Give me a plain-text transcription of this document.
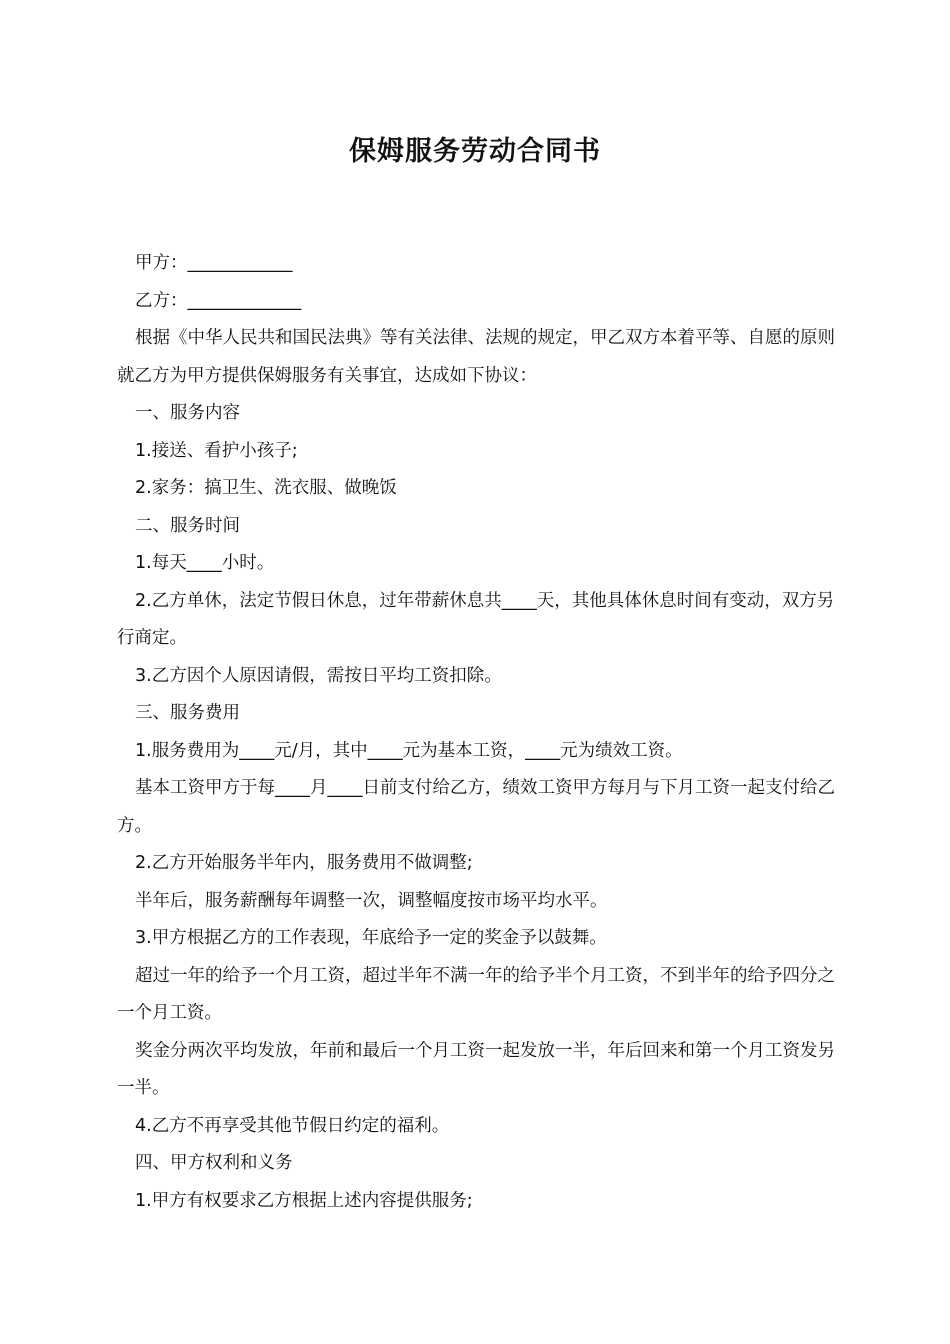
保姆服务劳动合同书

甲方：____________

乙方：_____________

根据《中华人民共和国民法典》等有关法律、法规的规定，甲乙双方本着平等、自愿的原则就乙方为甲方提供保姆服务有关事宜，达成如下协议：

一、服务内容

1.接送、看护小孩子;

2.家务：搞卫生、洗衣服、做晚饭

二、服务时间

1.每天____小时。

2.乙方单休，法定节假日休息，过年带薪休息共____天，其他具体休息时间有变动，双方另行商定。

3.乙方因个人原因请假，需按日平均工资扣除。

三、服务费用

1.服务费用为____元/月，其中____元为基本工资，____元为绩效工资。

基本工资甲方于每____月____日前支付给乙方，绩效工资甲方每月与下月工资一起支付给乙方。

2.乙方开始服务半年内，服务费用不做调整;

半年后，服务薪酬每年调整一次，调整幅度按市场平均水平。

3.甲方根据乙方的工作表现，年底给予一定的奖金予以鼓舞。

超过一年的给予一个月工资，超过半年不满一年的给予半个月工资，不到半年的给予四分之一个月工资。

奖金分两次平均发放，年前和最后一个月工资一起发放一半，年后回来和第一个月工资发另一半。

4.乙方不再享受其他节假日约定的福利。

四、甲方权利和义务

1.甲方有权要求乙方根据上述内容提供服务;
